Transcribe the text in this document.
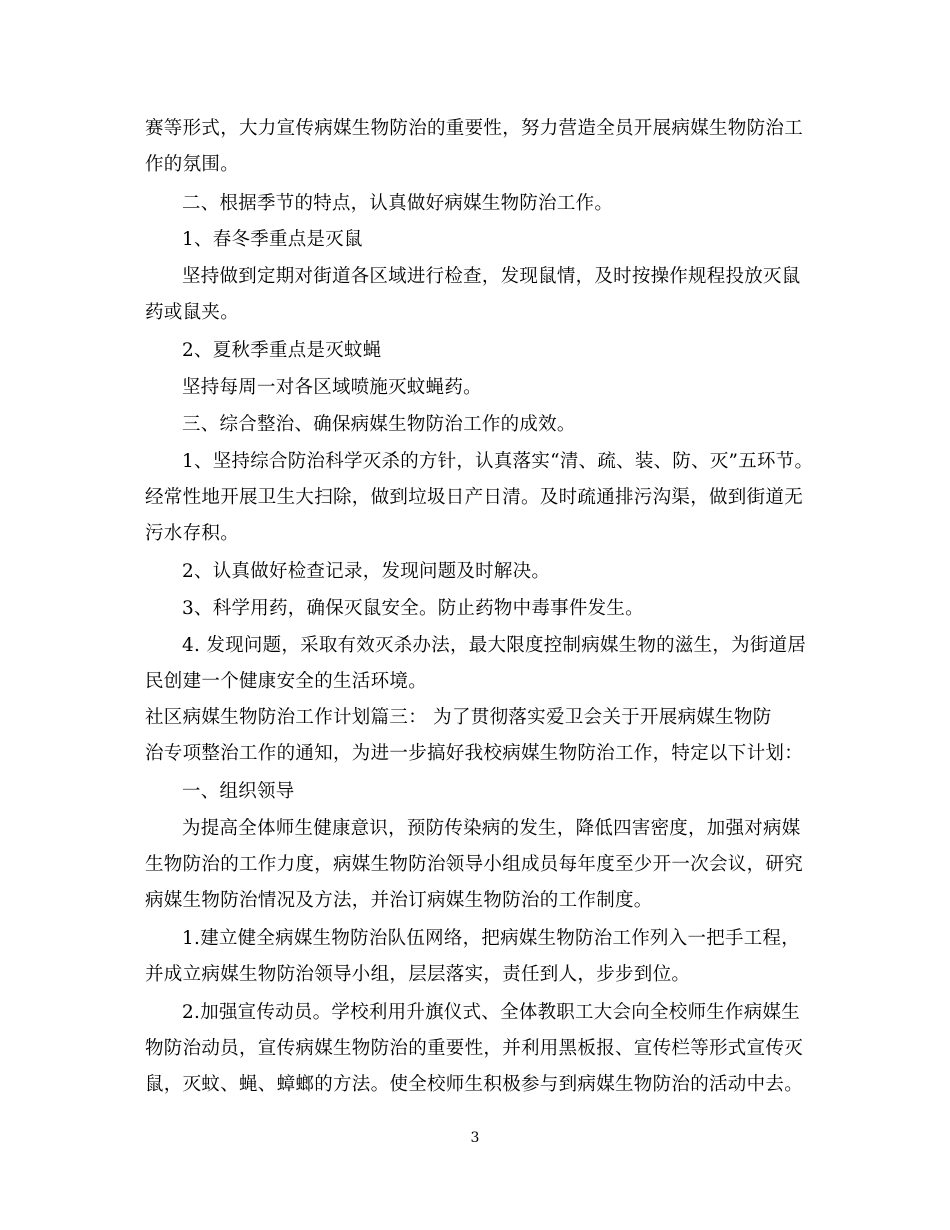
赛等形式，大力宣传病媒生物防治的重要性，努力营造全员开展病媒生物防治工
作的氛围。
二、根据季节的特点，认真做好病媒生物防治工作。
1、春冬季重点是灭鼠
坚持做到定期对街道各区域进行检查，发现鼠情，及时按操作规程投放灭鼠
药或鼠夹。
2、夏秋季重点是灭蚊蝇
坚持每周一对各区域喷施灭蚊蝇药。
三、综合整治、确保病媒生物防治工作的成效。
1、坚持综合防治科学灭杀的方针，认真落实“清、疏、装、防、灭”五环节。
经常性地开展卫生大扫除，做到垃圾日产日清。及时疏通排污沟渠，做到街道无
污水存积。
2、认真做好检查记录，发现问题及时解决。
3、科学用药，确保灭鼠安全。防止药物中毒事件发生。
4. 发现问题，采取有效灭杀办法，最大限度控制病媒生物的滋生，为街道居
民创建一个健康安全的生活环境。
社区病媒生物防治工作计划篇三： 为了贯彻落实爱卫会关于开展病媒生物防
治专项整治工作的通知，为进一步搞好我校病媒生物防治工作，特定以下计划：
一、组织领导
为提高全体师生健康意识，预防传染病的发生，降低四害密度，加强对病媒
生物防治的工作力度，病媒生物防治领导小组成员每年度至少开一次会议，研究
病媒生物防治情况及方法，并治订病媒生物防治的工作制度。
1.建立健全病媒生物防治队伍网络，把病媒生物防治工作列入一把手工程，
并成立病媒生物防治领导小组，层层落实，责任到人，步步到位。
2.加强宣传动员。学校利用升旗仪式、全体教职工大会向全校师生作病媒生
物防治动员，宣传病媒生物防治的重要性，并利用黑板报、宣传栏等形式宣传灭
鼠，灭蚊、蝇、蟑螂的方法。使全校师生积极参与到病媒生物防治的活动中去。
3
